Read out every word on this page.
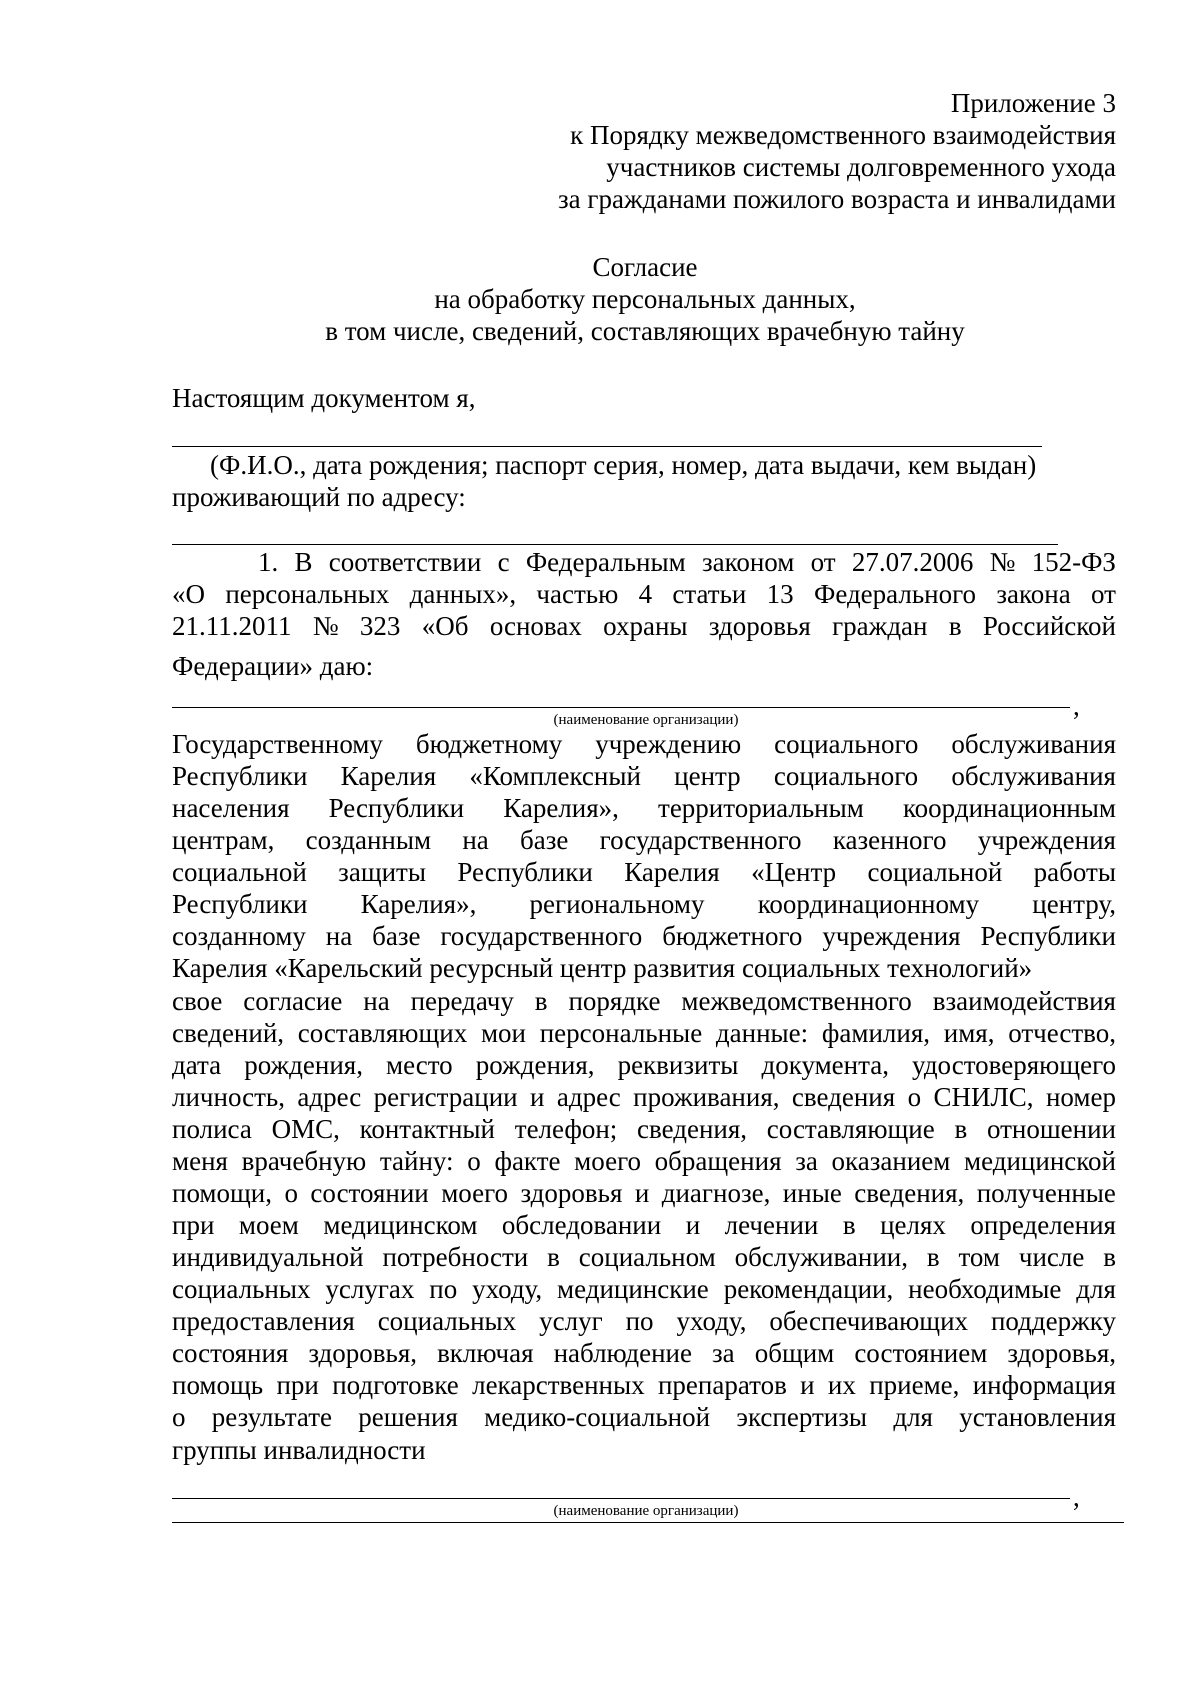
Приложение 3
к Порядку межведомственного взаимодействия
участников системы долговременного ухода
за гражданами пожилого возраста и инвалидами
Согласие
на обработку персональных данных,
в том числе, сведений, составляющих врачебную тайну
Настоящим документом я,
(Ф.И.О., дата рождения; паспорт серия, номер, дата выдачи, кем выдан)
проживающий по адресу:
1. В соответствии с Федеральным законом от 27.07.2006 № 152-ФЗ
«О персональных данных», частью 4 статьи 13 Федерального закона от
21.11.2011 № 323 «Об основах охраны здоровья граждан в Российской
Федерации» даю:
,
(наименование организации)
Государственному бюджетному учреждению социального обслуживания
Республики Карелия «Комплексный центр социального обслуживания
населения Республики Карелия», территориальным координационным
центрам, созданным на базе государственного казенного учреждения
социальной защиты Республики Карелия «Центр социальной работы
Республики Карелия», региональному координационному центру,
созданному на базе государственного бюджетного учреждения Республики
Карелия «Карельский ресурсный центр развития социальных технологий»
свое согласие на передачу в порядке межведомственного взаимодействия
сведений, составляющих мои персональные данные: фамилия, имя, отчество,
дата рождения, место рождения, реквизиты документа, удостоверяющего
личность, адрес регистрации и адрес проживания, сведения о СНИЛС, номер
полиса ОМС, контактный телефон; сведения, составляющие в отношении
меня врачебную тайну: о факте моего обращения за оказанием медицинской
помощи, о состоянии моего здоровья и диагнозе, иные сведения, полученные
при моем медицинском обследовании и лечении в целях определения
индивидуальной потребности в социальном обслуживании, в том числе в
социальных услугах по уходу, медицинские рекомендации, необходимые для
предоставления социальных услуг по уходу, обеспечивающих поддержку
состояния здоровья, включая наблюдение за общим состоянием здоровья,
помощь при подготовке лекарственных препаратов и их приеме, информация
о результате решения медико-социальной экспертизы для установления
группы инвалидности
,
(наименование организации)
